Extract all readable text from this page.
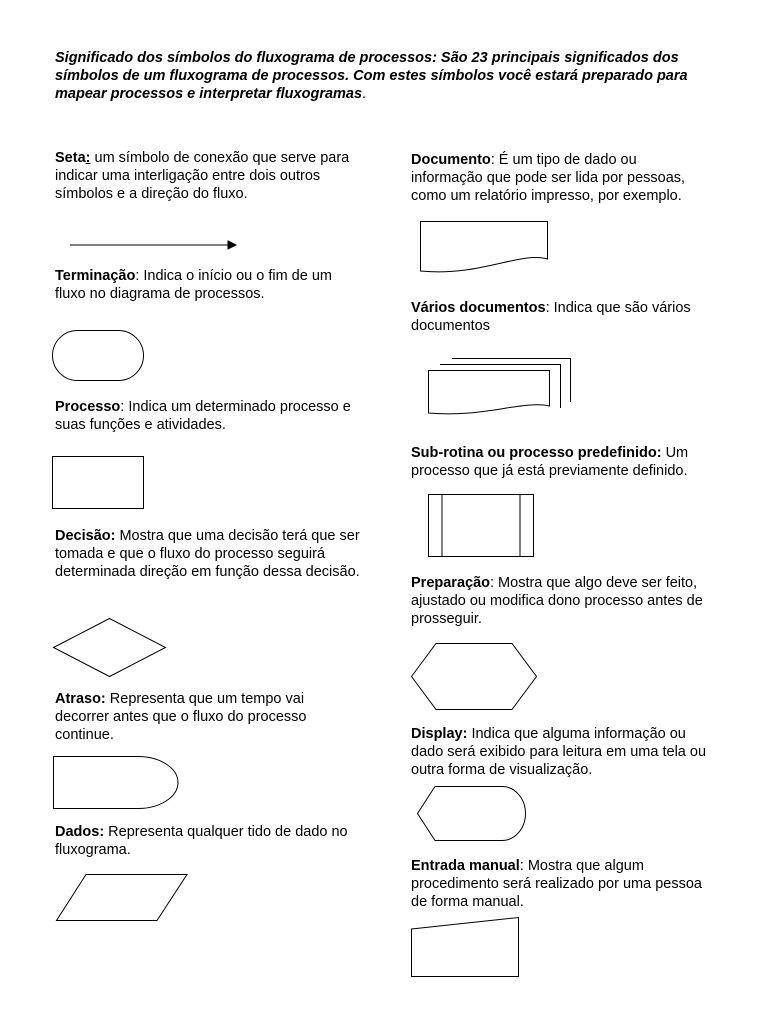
Significado dos símbolos do fluxograma de processos: São 23 principais significados dos símbolos de um fluxograma de processos. Com estes símbolos você estará preparado para mapear processos e interpretar fluxogramas.

Seta: um símbolo de conexão que serve para indicar uma interligação entre dois outros símbolos e a direção do fluxo.

Terminação: Indica o início ou o fim de um fluxo no diagrama de processos.

Processo: Indica um determinado processo e suas funções e atividades.

Decisão: Mostra que uma decisão terá que ser tomada e que o fluxo do processo seguirá determinada direção em função dessa decisão.

Atraso: Representa que um tempo vai decorrer antes que o fluxo do processo continue.

Dados: Representa qualquer tido de dado no fluxograma.

Documento: É um tipo de dado ou informação que pode ser lida por pessoas, como um relatório impresso, por exemplo.

Vários documentos: Indica que são vários documentos

Sub-rotina ou processo predefinido: Um processo que já está previamente definido.

Preparação: Mostra que algo deve ser feito, ajustado ou modifica dono processo antes de prosseguir.

Display: Indica que alguma informação ou dado será exibido para leitura em uma tela ou outra forma de visualização.

Entrada manual: Mostra que algum procedimento será realizado por uma pessoa de forma manual.
